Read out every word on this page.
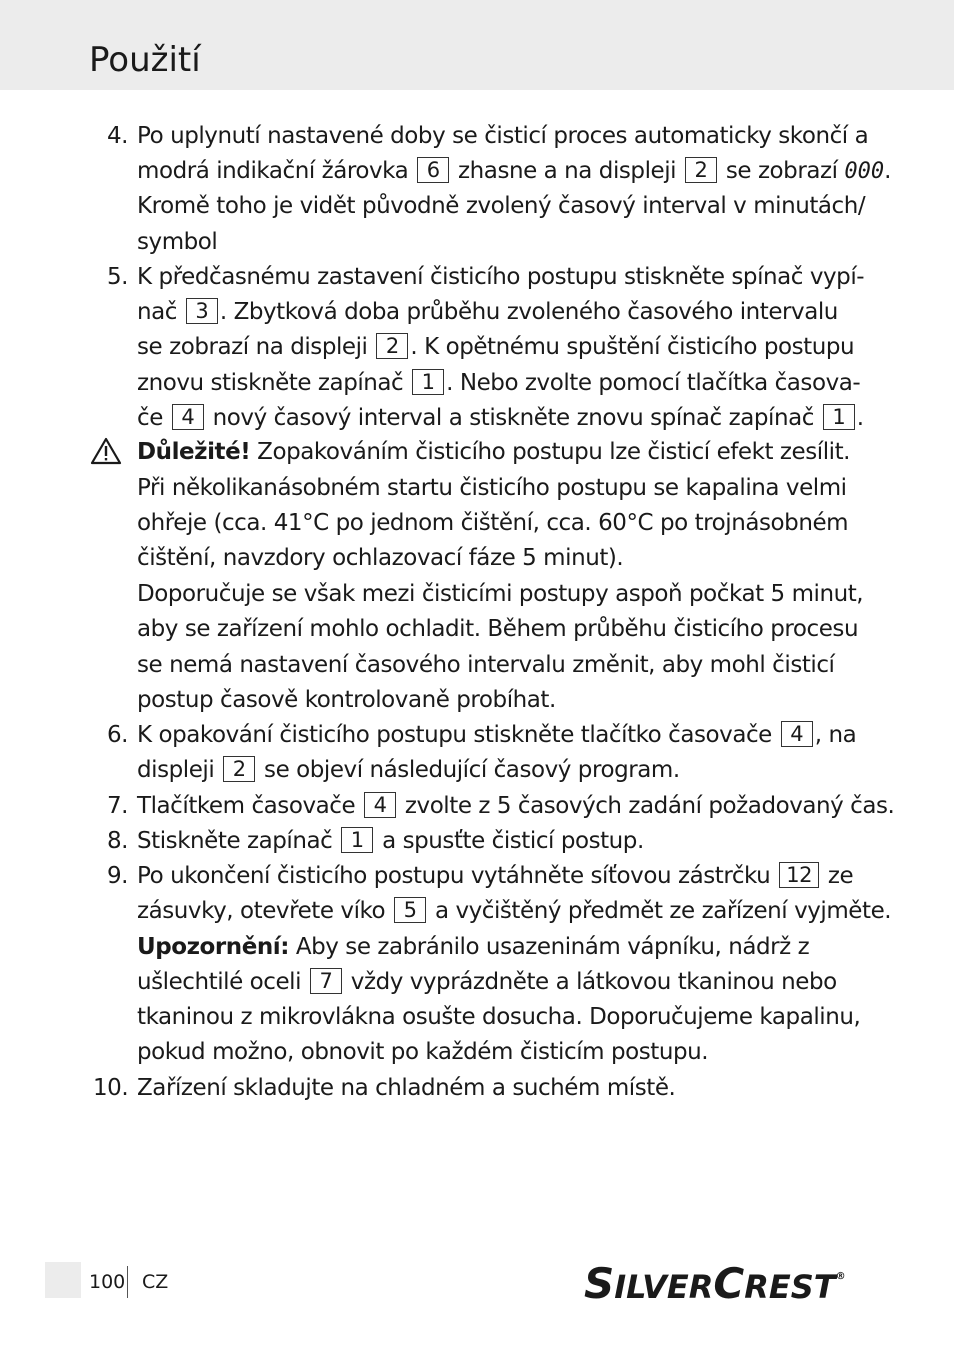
Použití
4. Po uplynutí nastavené doby se čisticí proces automaticky skončí a
modrá indikační žárovka 6 zhasne a na displeji 2 se zobrazí 000.
Kromě toho je vidět původně zvolený časový interval v minutách/
symbol
5. K předčasnému zastavení čisticího postupu stiskněte spínač vypí-
nač 3 . Zbytková doba průběhu zvoleného časového intervalu
se zobrazí na displeji 2 . K opětnému spuštění čisticího postupu
znovu stiskněte zapínač 1 . Nebo zvolte pomocí tlačítka časova-
če 4 nový časový interval a stiskněte znovu spínač zapínač 1 .
Důležité! Zopakováním čisticího postupu lze čisticí efekt zesílit.
Při několikanásobném startu čisticího postupu se kapalina velmi
ohřeje (cca. 41°C po jednom čištění, cca. 60°C po trojnásobném
čištění, navzdory ochlazovací fáze 5 minut).
Doporučuje se však mezi čisticími postupy aspoň počkat 5 minut,
aby se zařízení mohlo ochladit. Během průběhu čisticího procesu
se nemá nastavení časového intervalu změnit, aby mohl čisticí
postup časově kontrolovaně probíhat.
6. K opakování čisticího postupu stiskněte tlačítko časovače 4 , na
displeji 2 se objeví následující časový program.
7. Tlačítkem časovače 4 zvolte z 5 časových zadání požadovaný čas.
8. Stiskněte zapínač 1 a spusťte čisticí postup.
9. Po ukončení čisticího postupu vytáhněte síťovou zástrčku 12 ze
zásuvky, otevřete víko 5 a vyčištěný předmět ze zařízení vyjměte.
Upozornění: Aby se zabránilo usazeninám vápníku, nádrž z
ušlechtilé oceli 7 vždy vyprázdněte a látkovou tkaninou nebo
tkaninou z mikrovlákna osušte dosucha. Doporučujeme kapalinu,
pokud možno, obnovit po každém čisticím postupu.
10. Zařízení skladujte na chladném a suchém místě.
100 CZ	SILVERCREST®
